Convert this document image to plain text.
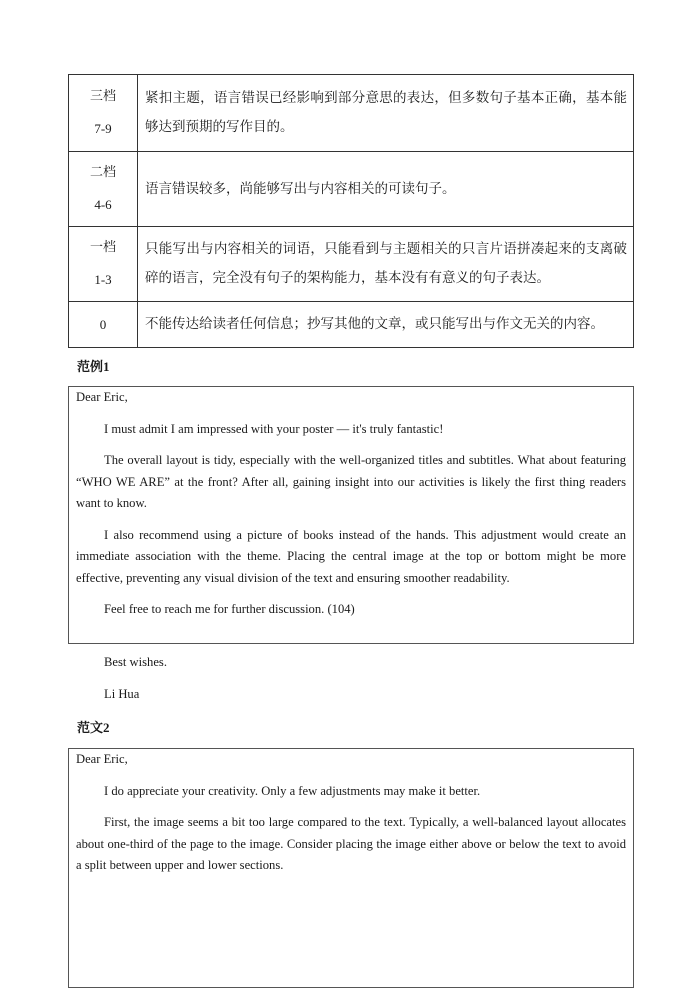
三档
7-9	紧扣主题，语言错误已经影响到部分意思的表达，但多数句子基本正确，基本能够达到预期的写作目的。

二档
4-6	语言错误较多，尚能够写出与内容相关的可读句子。

一档
1-3	只能写出与内容相关的词语，只能看到与主题相关的只言片语拼凑起来的支离破碎的语言，完全没有句子的架构能力，基本没有有意义的句子表达。

0	不能传达给读者任何信息；抄写其他的文章，或只能写出与作文无关的内容。
范例1

Dear Eric,

I must admit I am impressed with your poster — it's truly fantastic!

The overall layout is tidy, especially with the well-organized titles and subtitles. What about featuring “WHO WE ARE” at the front? After all, gaining insight into our activities is likely the first thing readers want to know.

I also recommend using a picture of books instead of the hands. This adjustment would create an immediate association with the theme. Placing the central image at the top or bottom might be more effective, preventing any visual division of the text and ensuring smoother readability.

Feel free to reach me for further discussion. (104)

Best wishes.
Li Hua
范文2

Dear Eric,

I do appreciate your creativity. Only a few adjustments may make it better.

First, the image seems a bit too large compared to the text. Typically, a well-balanced layout allocates about one-third of the page to the image. Consider placing the image either above or below the text to avoid a split between upper and lower sections.
